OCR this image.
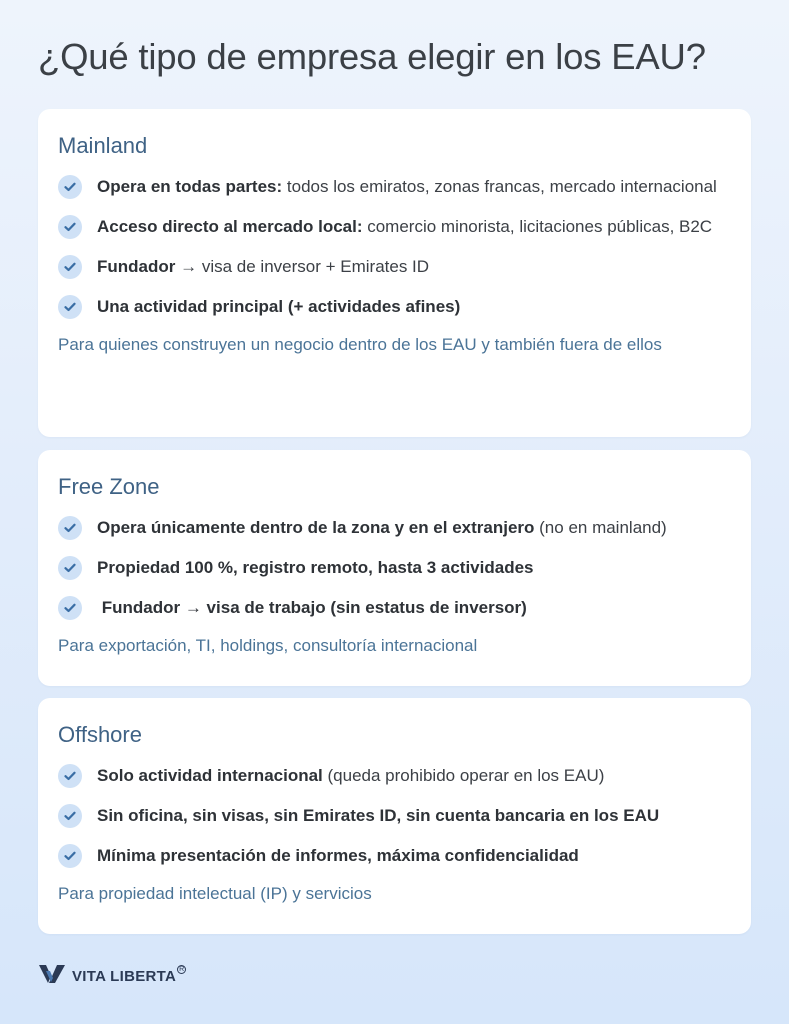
¿Qué tipo de empresa elegir en los EAU?
Mainland
Opera en todas partes: todos los emiratos, zonas francas, mercado internacional
Acceso directo al mercado local: comercio minorista, licitaciones públicas, B2C
Fundador → visa de inversor + Emirates ID
Una actividad principal (+ actividades afines)

Para quienes construyen un negocio dentro de los EAU y también fuera de ellos

Free Zone
Opera únicamente dentro de la zona y en el extranjero (no en mainland)
Propiedad 100 %, registro remoto, hasta 3 actividades
Fundador → visa de trabajo (sin estatus de inversor)

Para exportación, TI, holdings, consultoría internacional

Offshore
Solo actividad internacional (queda prohibido operar en los EAU)
Sin oficina, sin visas, sin Emirates ID, sin cuenta bancaria en los EAU
Mínima presentación de informes, máxima confidencialidad

Para propiedad intelectual (IP) y servicios

VITA LIBERTA R
